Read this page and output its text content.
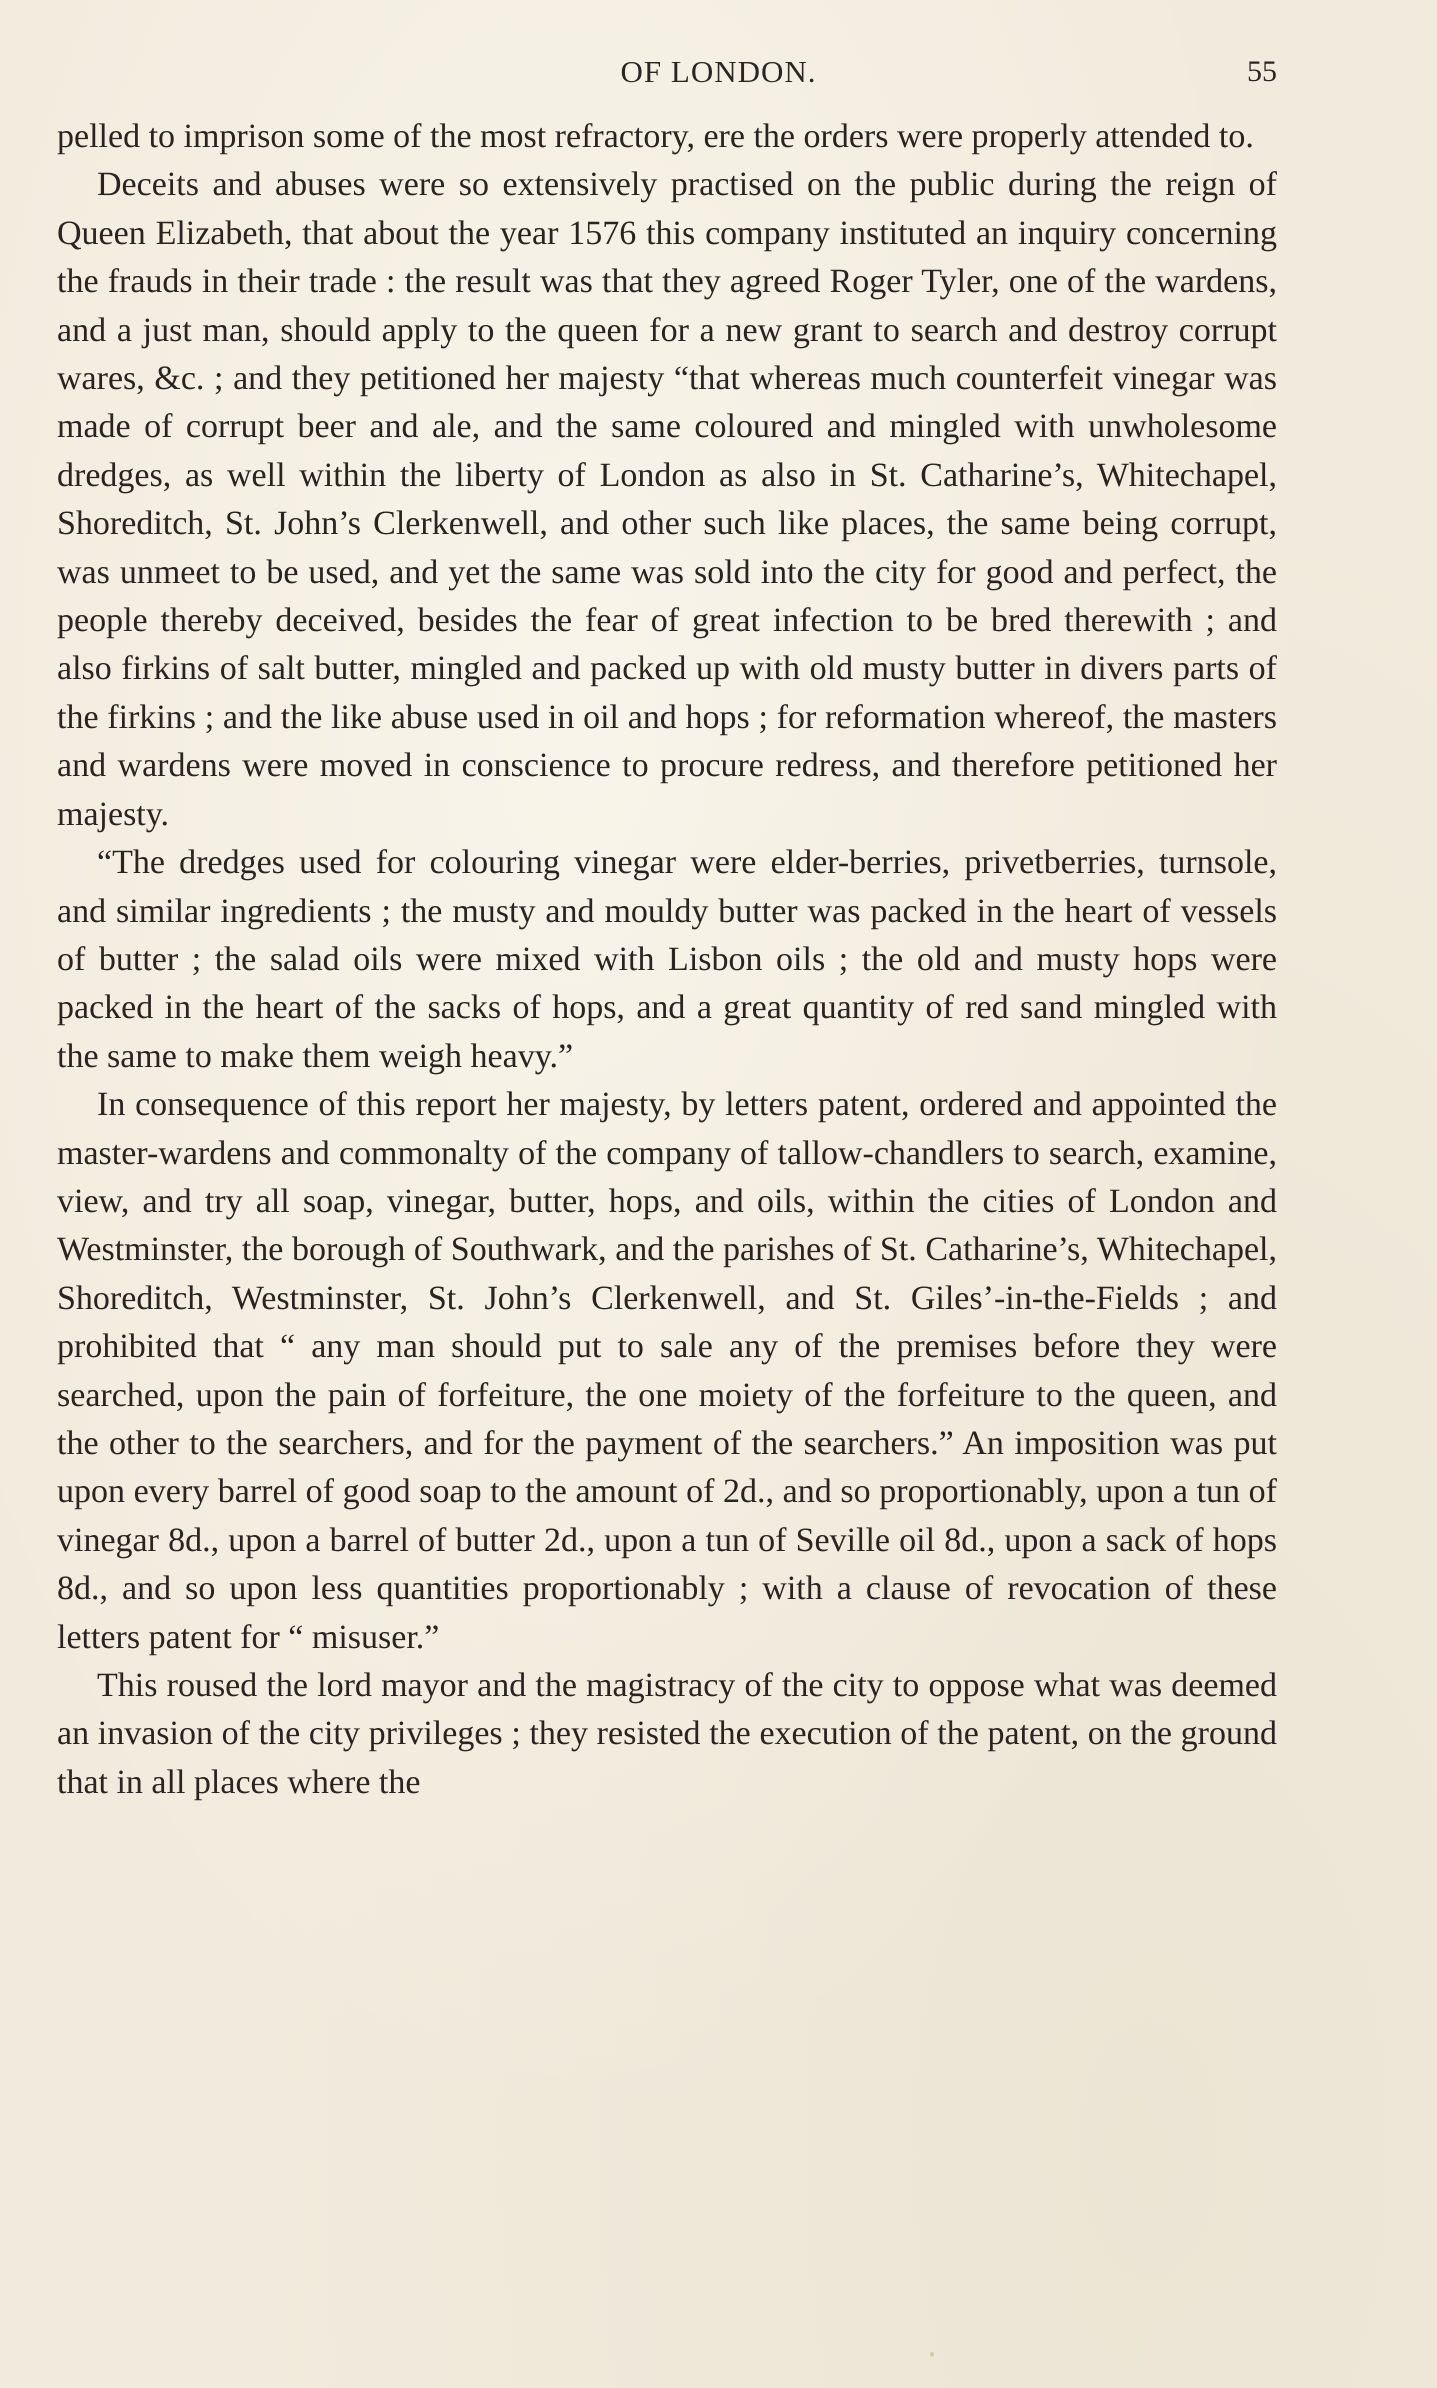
OF LONDON.	55

pelled to imprison some of the most refractory, ere the orders were properly attended to.

Deceits and abuses were so extensively practised on the public during the reign of Queen Elizabeth, that about the year 1576 this company instituted an inquiry concerning the frauds in their trade : the result was that they agreed Roger Tyler, one of the wardens, and a just man, should apply to the queen for a new grant to search and destroy corrupt wares, &c. ; and they petitioned her majesty “that whereas much counterfeit vinegar was made of corrupt beer and ale, and the same coloured and mingled with unwholesome dredges, as well within the liberty of London as also in St. Catharine’s, Whitechapel, Shoreditch, St. John’s Clerkenwell, and other such like places, the same being corrupt, was unmeet to be used, and yet the same was sold into the city for good and perfect, the people thereby deceived, besides the fear of great infection to be bred therewith ; and also firkins of salt butter, mingled and packed up with old musty butter in divers parts of the firkins ; and the like abuse used in oil and hops ; for reformation whereof, the masters and wardens were moved in conscience to procure redress, and therefore petitioned her majesty.

“The dredges used for colouring vinegar were elder-berries, privetberries, turnsole, and similar ingredients ; the musty and mouldy butter was packed in the heart of vessels of butter ; the salad oils were mixed with Lisbon oils ; the old and musty hops were packed in the heart of the sacks of hops, and a great quantity of red sand mingled with the same to make them weigh heavy.”

In consequence of this report her majesty, by letters patent, ordered and appointed the master-wardens and commonalty of the company of tallow-chandlers to search, examine, view, and try all soap, vinegar, butter, hops, and oils, within the cities of London and Westminster, the borough of Southwark, and the parishes of St. Catharine’s, Whitechapel, Shoreditch, Westminster, St. John’s Clerkenwell, and St. Giles’-in-the-Fields ; and prohibited that “ any man should put to sale any of the premises before they were searched, upon the pain of forfeiture, the one moiety of the forfeiture to the queen, and the other to the searchers, and for the payment of the searchers.” An imposition was put upon every barrel of good soap to the amount of 2d., and so proportionably, upon a tun of vinegar 8d., upon a barrel of butter 2d., upon a tun of Seville oil 8d., upon a sack of hops 8d., and so upon less quantities proportionably ; with a clause of revocation of these letters patent for “ misuser.”

This roused the lord mayor and the magistracy of the city to oppose what was deemed an invasion of the city privileges ; they resisted the execution of the patent, on the ground that in all places where the
